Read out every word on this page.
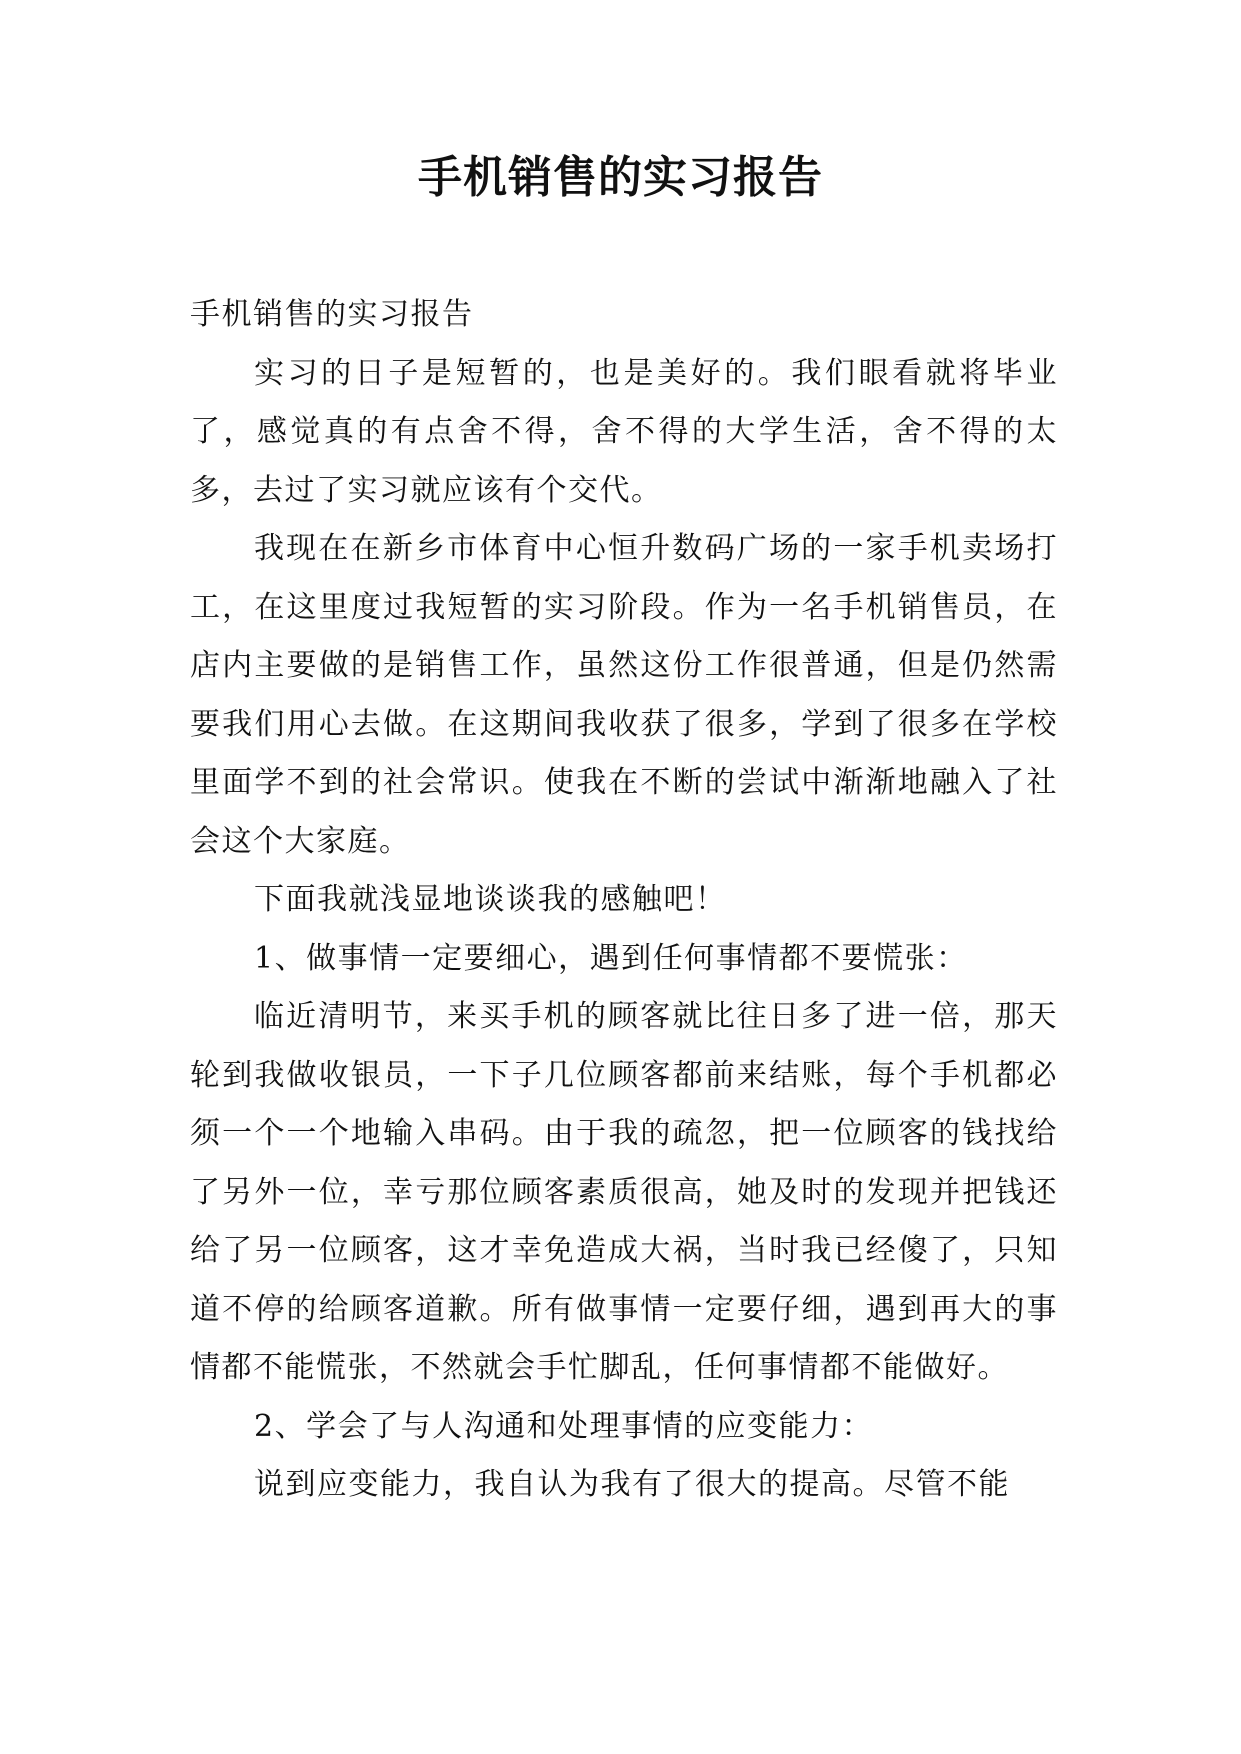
手机销售的实习报告

手机销售的实习报告

实习的日子是短暂的，也是美好的。我们眼看就将毕业了，感觉真的有点舍不得，舍不得的大学生活，舍不得的太多，去过了实习就应该有个交代。

我现在在新乡市体育中心恒升数码广场的一家手机卖场打工，在这里度过我短暂的实习阶段。作为一名手机销售员，在店内主要做的是销售工作，虽然这份工作很普通，但是仍然需要我们用心去做。在这期间我收获了很多，学到了很多在学校里面学不到的社会常识。使我在不断的尝试中渐渐地融入了社会这个大家庭。

下面我就浅显地谈谈我的感触吧！

1、做事情一定要细心，遇到任何事情都不要慌张：

临近清明节，来买手机的顾客就比往日多了进一倍，那天轮到我做收银员，一下子几位顾客都前来结账，每个手机都必须一个一个地输入串码。由于我的疏忽，把一位顾客的钱找给了另外一位，幸亏那位顾客素质很高，她及时的发现并把钱还给了另一位顾客，这才幸免造成大祸，当时我已经傻了，只知道不停的给顾客道歉。所有做事情一定要仔细，遇到再大的事情都不能慌张，不然就会手忙脚乱，任何事情都不能做好。

2、学会了与人沟通和处理事情的应变能力：

说到应变能力，我自认为我有了很大的提高。尽管不能
